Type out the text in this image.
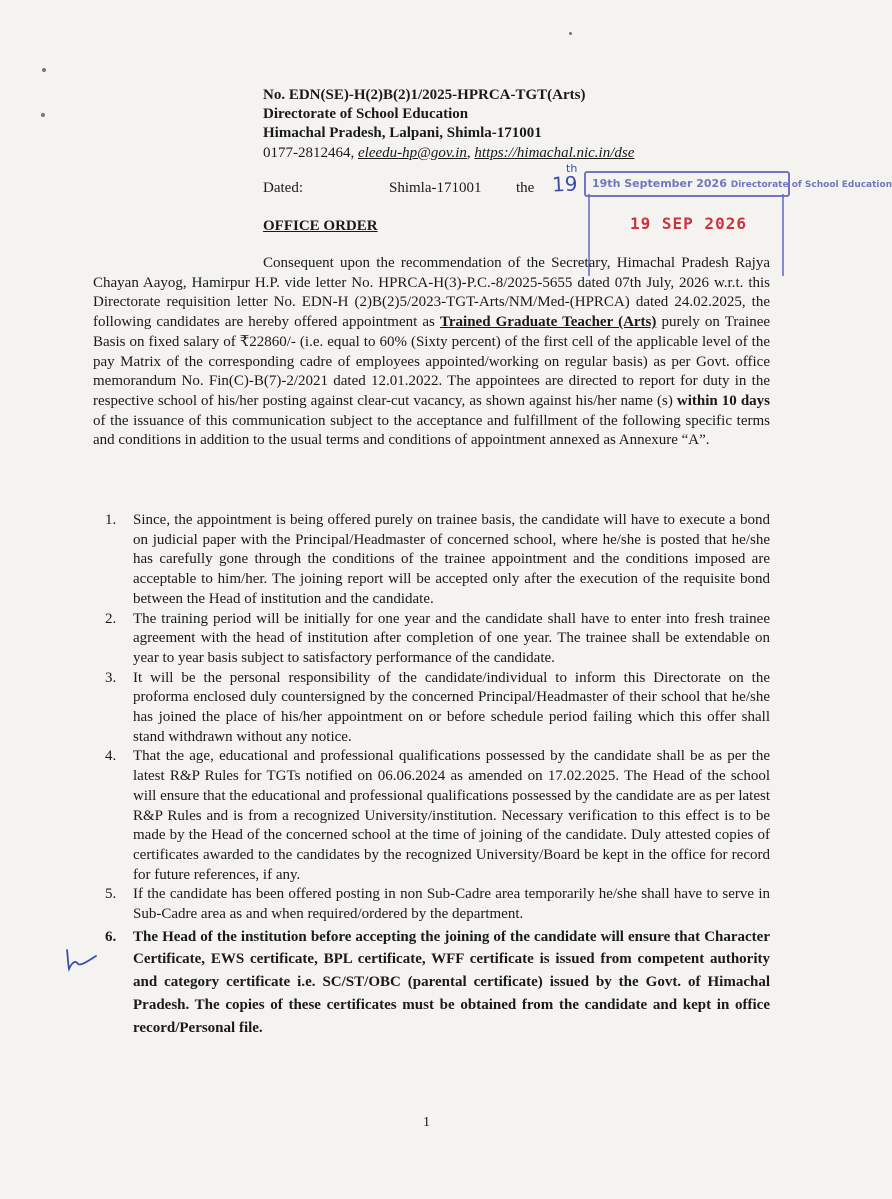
No. EDN(SE)-H(2)B(2)1/2025-HPRCA-TGT(Arts)
Directorate of School Education
Himachal Pradesh, Lalpani, Shimla-171001
0177-2812464, eleedu-hp@gov.in, https://himachal.nic.in/dse
Dated:	Shimla-171001 the
th
19	19th September 2026 Directorate of School Education
19 SEP 2026
OFFICE ORDER
Consequent upon the recommendation of the Secretary, Himachal Pradesh Rajya Chayan Aayog, Hamirpur H.P. vide letter No. HPRCA-H(3)-P.C.-8/2025-5655 dated 07th July, 2026 w.r.t. this Directorate requisition letter No. EDN-H (2)B(2)5/2023-TGT-Arts/NM/Med-(HPRCA) dated 24.02.2025, the following candidates are hereby offered appointment as Trained Graduate Teacher (Arts) purely on Trainee Basis on fixed salary of ₹22860/- (i.e. equal to 60% (Sixty percent) of the first cell of the applicable level of the pay Matrix of the corresponding cadre of employees appointed/working on regular basis) as per Govt. office memorandum No. Fin(C)-B(7)-2/2021 dated 12.01.2022. The appointees are directed to report for duty in the respective school of his/her posting against clear-cut vacancy, as shown against his/her name (s) within 10 days of the issuance of this communication subject to the acceptance and fulfillment of the following specific terms and conditions in addition to the usual terms and conditions of appointment annexed as Annexure “A”.
1. Since, the appointment is being offered purely on trainee basis, the candidate will have to execute a bond on judicial paper with the Principal/Headmaster of concerned school, where he/she is posted that he/she has carefully gone through the conditions of the trainee appointment and the conditions imposed are acceptable to him/her. The joining report will be accepted only after the execution of the requisite bond between the Head of institution and the candidate.
2. The training period will be initially for one year and the candidate shall have to enter into fresh trainee agreement with the head of institution after completion of one year. The trainee shall be extendable on year to year basis subject to satisfactory performance of the candidate.
3. It will be the personal responsibility of the candidate/individual to inform this Directorate on the proforma enclosed duly countersigned by the concerned Principal/Headmaster of their school that he/she has joined the place of his/her appointment on or before schedule period failing which this offer shall stand withdrawn without any notice.
4. That the age, educational and professional qualifications possessed by the candidate shall be as per the latest R&P Rules for TGTs notified on 06.06.2024 as amended on 17.02.2025. The Head of the school will ensure that the educational and professional qualifications possessed by the candidate are as per latest R&P Rules and is from a recognized University/institution. Necessary verification to this effect is to be made by the Head of the concerned school at the time of joining of the candidate. Duly attested copies of certificates awarded to the candidates by the recognized University/Board be kept in the office for record for future references, if any.
5. If the candidate has been offered posting in non Sub-Cadre area temporarily he/she shall have to serve in Sub-Cadre area as and when required/ordered by the department.
6. The Head of the institution before accepting the joining of the candidate will ensure that Character Certificate, EWS certificate, BPL certificate, WFF certificate is issued from competent authority and category certificate i.e. SC/ST/OBC (parental certificate) issued by the Govt. of Himachal Pradesh. The copies of these certificates must be obtained from the candidate and kept in office record/Personal file.
1
